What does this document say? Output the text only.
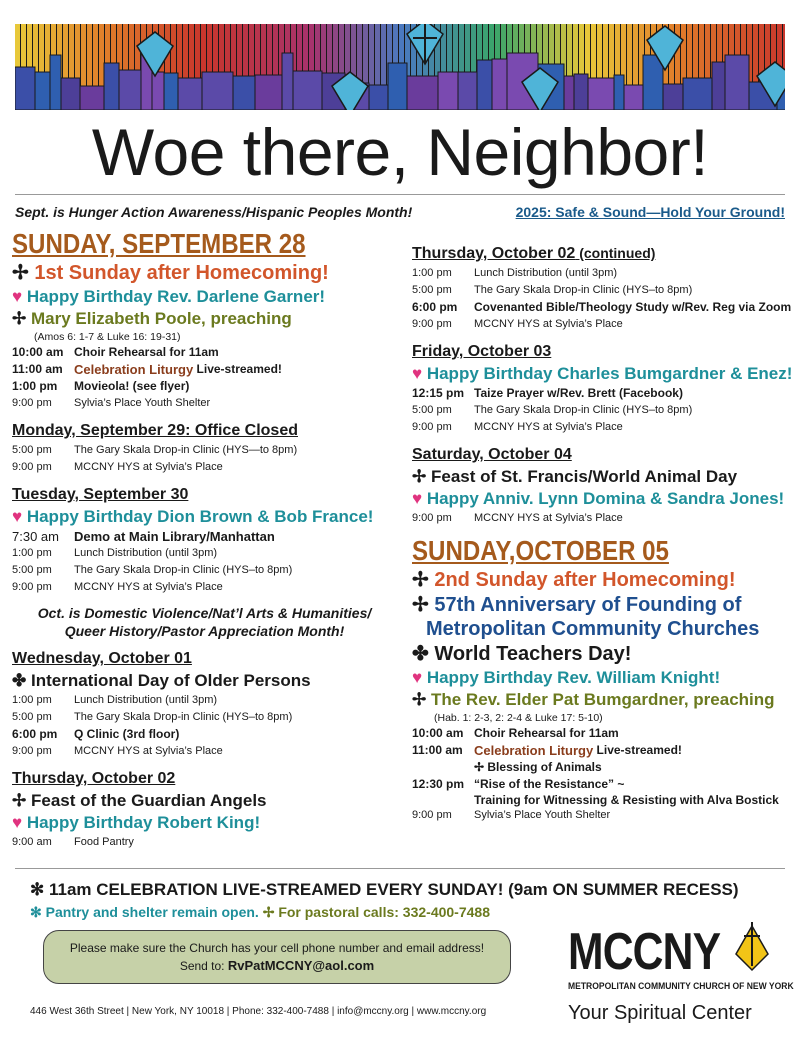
Woe there, Neighbor!
Sept. is Hunger Action Awareness/Hispanic Peoples Month!	2025: Safe & Sound—Hold Your Ground!
SUNDAY, SEPTEMBER 28
✢ 1st Sunday after Homecoming!
♥ Happy Birthday Rev. Darlene Garner!
✢ Mary Elizabeth Poole, preaching
(Amos 6: 1-7 & Luke 16: 19-31)
10:00 am Choir Rehearsal for 11am
11:00 am Celebration Liturgy
Live-streamed!
1:00 pm	Movieola! (see flyer)
9:00 pm	Sylvia’s Place Youth Shelter
Monday, September 29: Office Closed
5:00 pm	The Gary Skala Drop-in Clinic (HYS—to 8pm)
9:00 pm	MCCNY HYS at Sylvia’s Place
Tuesday, September 30
♥ Happy Birthday Dion Brown & Bob France!
7:30 am	Demo at Main Library/Manhattan
1:00 pm	Lunch Distribution (until 3pm)
5:00 pm	The Gary Skala Drop-in Clinic (HYS–to 8pm)
9:00 pm	MCCNY HYS at Sylvia’s Place
Oct. is Domestic Violence/Nat’l Arts & Humanities/
Queer History/Pastor Appreciation Month!
Wednesday, October 01
✤ International Day of Older Persons
1:00 pm	Lunch Distribution (until 3pm)
5:00 pm	The Gary Skala Drop-in Clinic (HYS–to 8pm)
6:00 pm	Q Clinic (3rd floor)
9:00 pm	MCCNY HYS at Sylvia’s Place
Thursday, October 02
✢ Feast of the Guardian Angels
♥ Happy Birthday Robert King!
9:00 am	Food Pantry
Thursday, October 02 (continued)
1:00 pm	Lunch Distribution (until 3pm)
5:00 pm	The Gary Skala Drop-in Clinic (HYS–to 8pm)
6:00 pm	Covenanted Bible/Theology Study w/Rev. Reg via Zoom
9:00 pm	MCCNY HYS at Sylvia’s Place
Friday, October 03
♥ Happy Birthday Charles Bumgardner & Enez!
12:15 pm Taize Prayer w/Rev. Brett (Facebook)
5:00 pm	The Gary Skala Drop-in Clinic (HYS–to 8pm)
9:00 pm	MCCNY HYS at Sylvia’s Place
Saturday, October 04
✢ Feast of St. Francis/World Animal Day
♥ Happy Anniv. Lynn Domina & Sandra Jones!
9:00 pm	MCCNY HYS at Sylvia’s Place
SUNDAY,OCTOBER 05
✢ 2nd Sunday after Homecoming!
✢ 57th Anniversary of Founding of
Metropolitan Community Churches
✤ World Teachers Day!
♥ Happy Birthday Rev. William Knight!
✢ The Rev. Elder Pat Bumgardner, preaching
(Hab. 1: 2-3, 2: 2-4 & Luke 17: 5-10)
10:00 am Choir Rehearsal for 11am
11:00 am Celebration Liturgy
Live-streamed!
✢ Blessing of Animals
12:30 pm “Rise of the Resistance” ~
Training for Witnessing & Resisting with Alva Bostick
9:00 pm	Sylvia’s Place Youth Shelter
✻ 11am CELEBRATION LIVE-STREAMED EVERY SUNDAY! (9am ON SUMMER RECESS)
✻ Pantry and shelter remain open. ✢ For pastoral calls: 332-400-7488
Please make sure the Church has your cell phone number and email address!
Send to: RvPatMCCNY@aol.com	MCCNY
METROPOLITAN COMMUNITY CHURCH OF NEW YORK
Your Spiritual Center
446 West 36th Street | New York, NY 10018 | Phone: 332-400-7488 | info@mccny.org | www.mccny.org
